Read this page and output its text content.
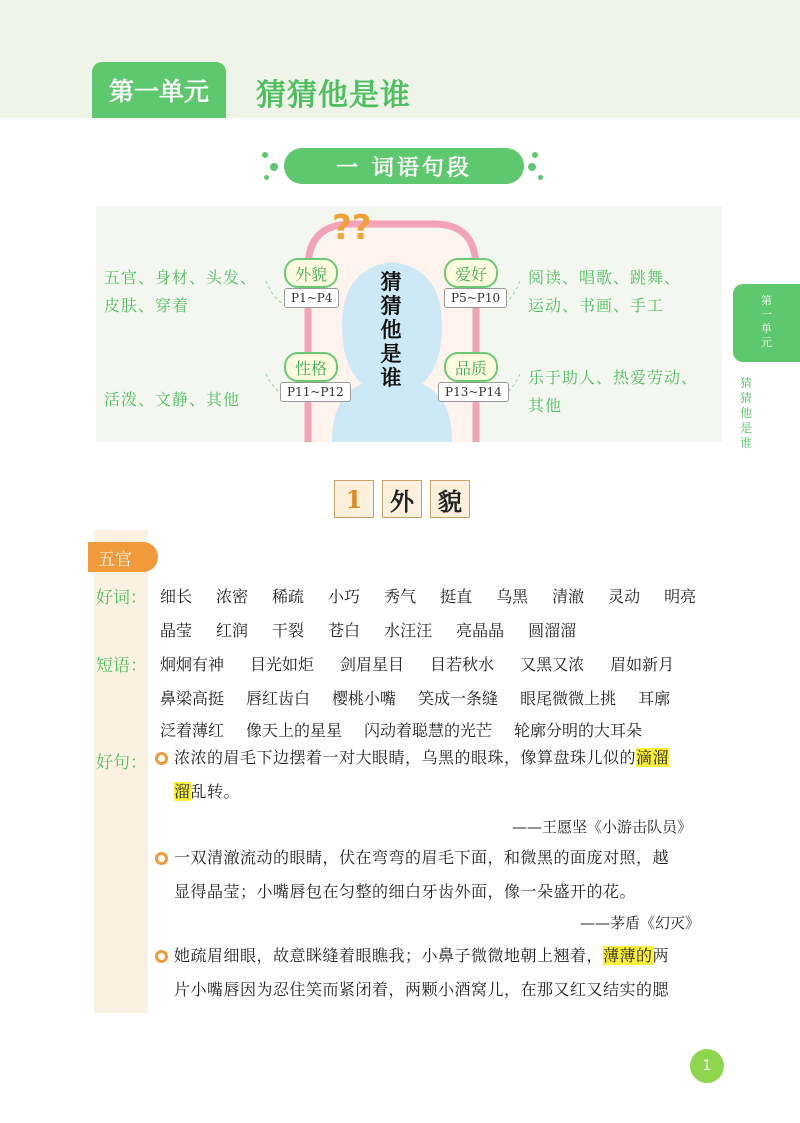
第一单元	猜猜他是谁
一 词语句段
??
五官、身材、头发、
皮肤、穿着
外貌
P1~P4
爱好
P5~P10
阅读、唱歌、跳舞、
运动、书画、手工
活泼、文静、其他
性格
P11~P12
品质
P13~P14
乐于助人、热爱劳动、
其他
猜猜他是谁
第一单元
猜猜他是谁
1	外	貌
五官
好词： 细长 浓密 稀疏 小巧 秀气 挺直 乌黑 清澈 灵动 明亮
晶莹 红润 干裂 苍白 水汪汪 亮晶晶 圆溜溜
短语： 炯炯有神 目光如炬 剑眉星目 目若秋水 又黑又浓 眉如新月
鼻梁高挺 唇红齿白 樱桃小嘴 笑成一条缝 眼尾微微上挑 耳廓
泛着薄红 像天上的星星 闪动着聪慧的光芒 轮廓分明的大耳朵
好句： 浓浓的眉毛下边摆着一对大眼睛，乌黑的眼珠，像算盘珠儿似的滴溜
溜乱转。
——王愿坚《小游击队员》
一双清澈流动的眼睛，伏在弯弯的眉毛下面，和微黑的面庞对照，越
显得晶莹；小嘴唇包在匀整的细白牙齿外面，像一朵盛开的花。
——茅盾《幻灭》
她疏眉细眼，故意眯缝着眼瞧我；小鼻子微微地朝上翘着，薄薄的两
片小嘴唇因为忍住笑而紧闭着，两颗小酒窝儿，在那又红又结实的腮
1
